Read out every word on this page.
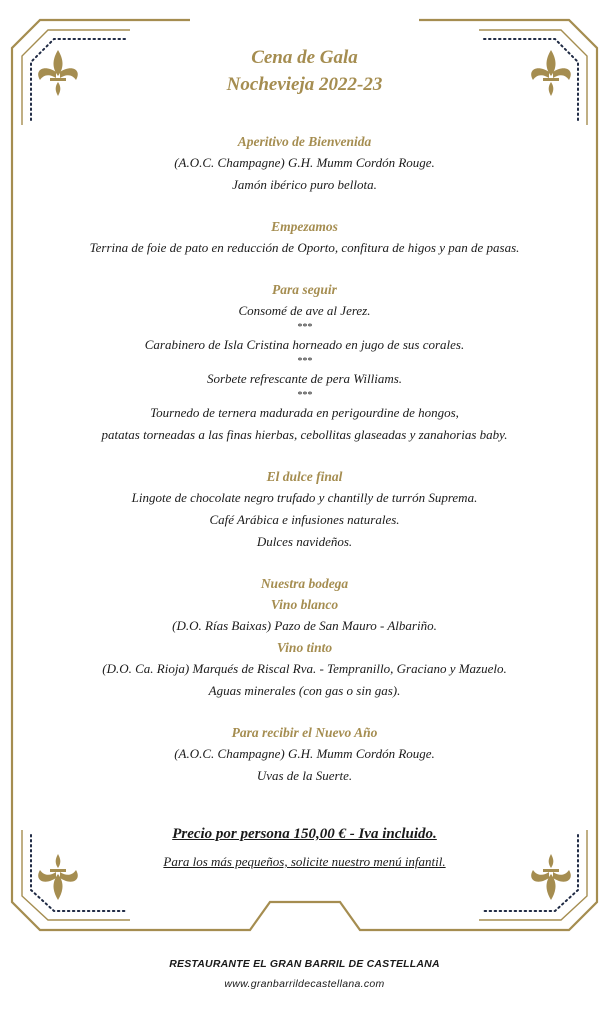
Cena de Gala
Nochevieja 2022-23
Aperitivo de Bienvenida
(A.O.C. Champagne) G.H. Mumm Cordón Rouge.
Jamón ibérico puro bellota.
Empezamos
Terrina de foie de pato en reducción de Oporto, confitura de higos y pan de pasas.
Para seguir
Consomé de ave al Jerez.
***
Carabinero de Isla Cristina horneado en jugo de sus corales.
***
Sorbete refrescante de pera Williams.
***
Tournedo de ternera madurada en perigourdine de hongos,
patatas torneadas a las finas hierbas, cebollitas glaseadas y zanahorias baby.
El dulce final
Lingote de chocolate negro trufado y chantilly de turrón Suprema.
Café Arábica e infusiones naturales.
Dulces navideños.
Nuestra bodega
Vino blanco
(D.O. Rías Baixas) Pazo de San Mauro - Albariño.
Vino tinto
(D.O. Ca. Rioja) Marqués de Riscal Rva. - Tempranillo, Graciano y Mazuelo.
Aguas minerales (con gas o sin gas).
Para recibir el Nuevo Año
(A.O.C. Champagne) G.H. Mumm Cordón Rouge.
Uvas de la Suerte.
Precio por persona 150,00 € - Iva incluido.
Para los más pequeños, solicite nuestro menú infantil.
RESTAURANTE EL GRAN BARRIL DE CASTELLANA
www.granbarrildecastellana.com
